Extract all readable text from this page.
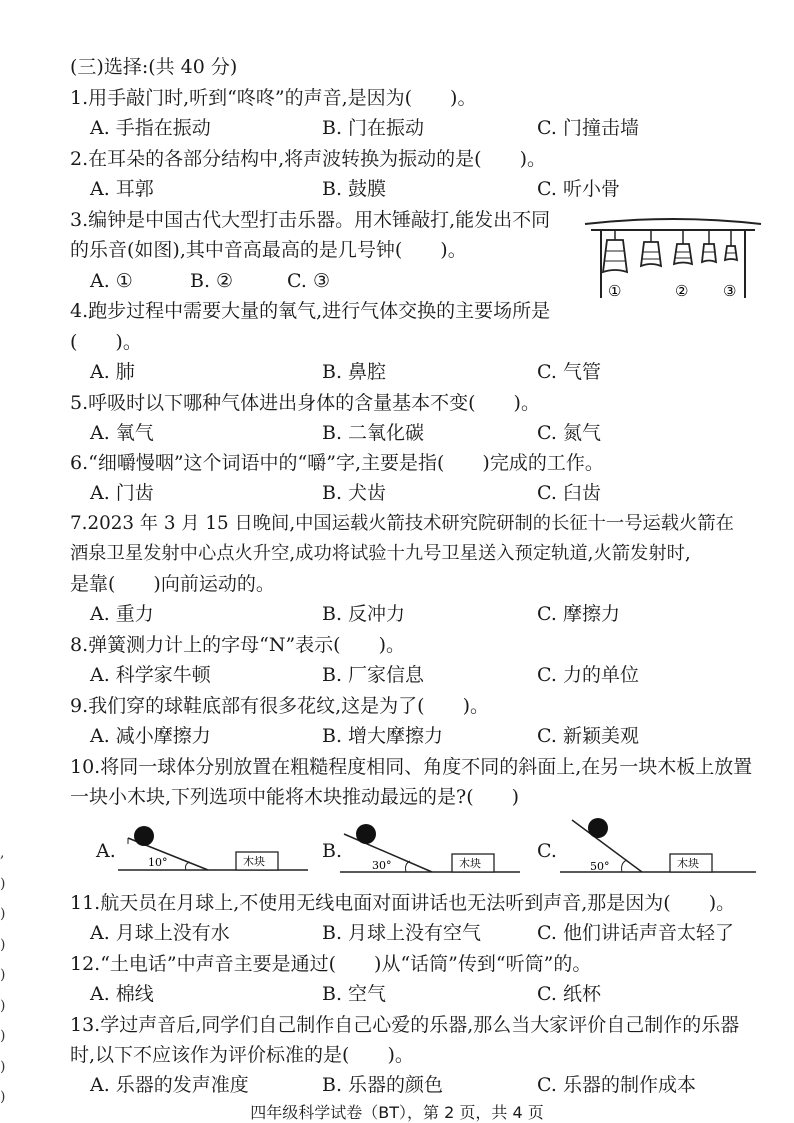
(三)选择:(共 40 分)
1.用手敲门时,听到“咚咚”的声音,是因为(　　)。
A. 手指在振动	B. 门在振动	C. 门撞击墙
2.在耳朵的各部分结构中,将声波转换为振动的是(　　)。
A. 耳郭	B. 鼓膜	C. 听小骨
3.编钟是中国古代大型打击乐器。用木锤敲打,能发出不同
的乐音(如图),其中音高最高的是几号钟(　　)。
A. ①	B. ②	C. ③	①	② ③
4.跑步过程中需要大量的氧气,进行气体交换的主要场所是
(　　)。
A. 肺	B. 鼻腔	C. 气管
5.呼吸时以下哪种气体进出身体的含量基本不变(　　)。
A. 氧气	B. 二氧化碳	C. 氮气
6.“细嚼慢咽”这个词语中的“嚼”字,主要是指(　　)完成的工作。
A. 门齿	B. 犬齿	C. 臼齿
7.2023 年 3 月 15 日晚间,中国运载火箭技术研究院研制的长征十一号运载火箭在
酒泉卫星发射中心点火升空,成功将试验十九号卫星送入预定轨道,火箭发射时,
是靠(　　)向前运动的。
A. 重力	B. 反冲力	C. 摩擦力
8.弹簧测力计上的字母“N”表示(　　)。
A. 科学家牛顿	B. 厂家信息	C. 力的单位
9.我们穿的球鞋底部有很多花纹,这是为了(　　)。
A. 减小摩擦力	B. 增大摩擦力	C. 新颖美观
10.将同一球体分别放置在粗糙程度相同、角度不同的斜面上,在另一块木板上放置
一块小木块,下列选项中能将木块推动最远的是?(　　)
A.	B.	C.
10°	木块	30°	木块	50°	木块
11.航天员在月球上,不使用无线电面对面讲话也无法听到声音,那是因为(　　)。
A. 月球上没有水	B. 月球上没有空气	C. 他们讲话声音太轻了
12.“土电话”中声音主要是通过(　　)从“话筒”传到“听筒”的。
A. 棉线	B. 空气	C. 纸杯
13.学过声音后,同学们自己制作自己心爱的乐器,那么当大家评价自己制作的乐器
时,以下不应该作为评价标准的是(　　)。
A. 乐器的发声准度	B. 乐器的颜色	C. 乐器的制作成本
,
)
)
)
)
)
)
)
)
四年级科学试卷（BT），第 2 页，共 4 页
